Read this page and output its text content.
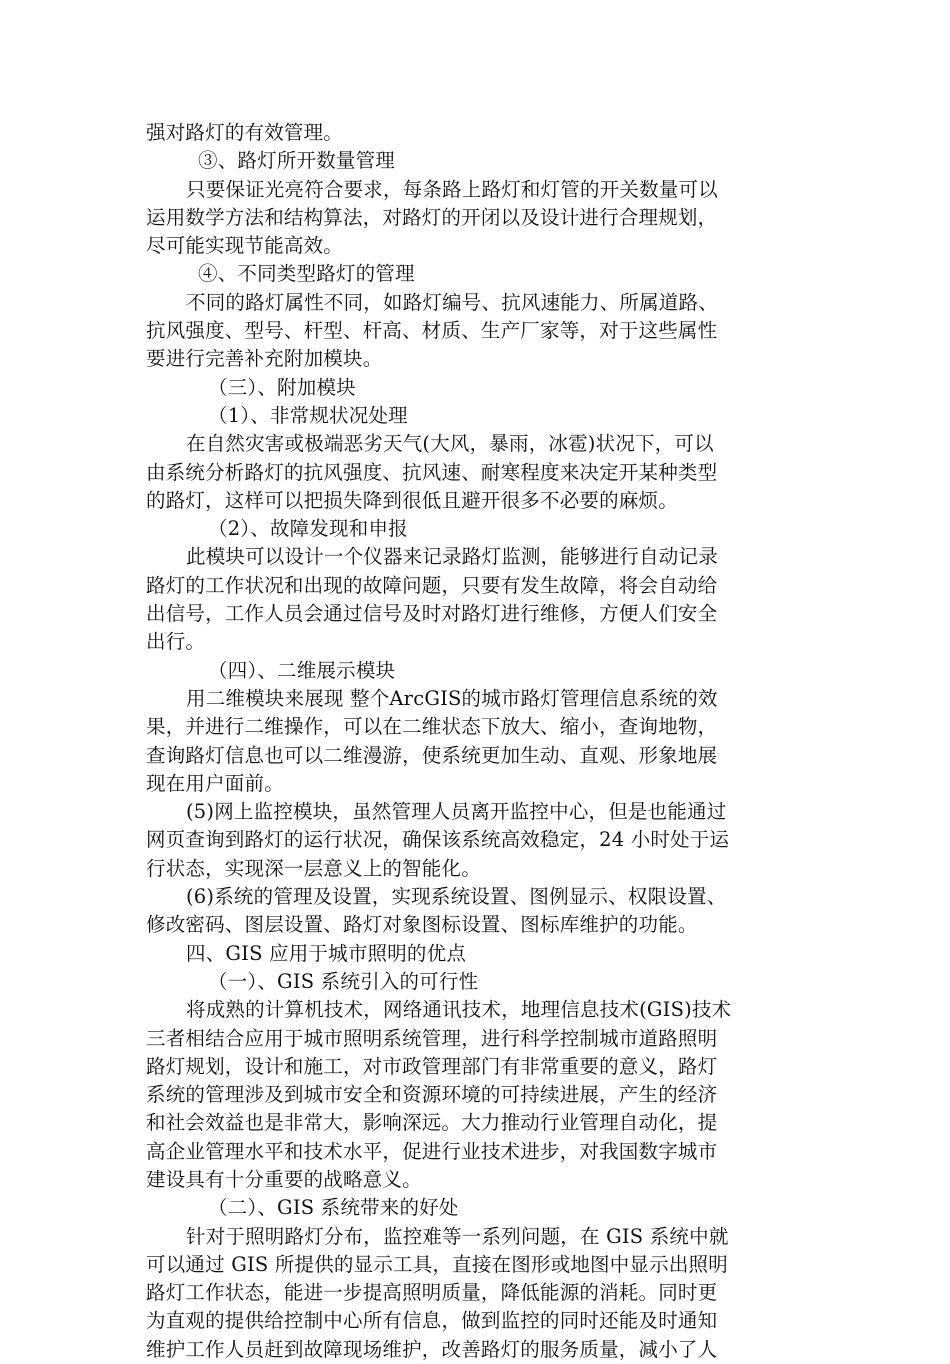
强对路灯的有效管理。
③、路灯所开数量管理
只要保证光亮符合要求，每条路上路灯和灯管的开关数量可以
运用数学方法和结构算法，对路灯的开闭以及设计进行合理规划，
尽可能实现节能高效。
④、不同类型路灯的管理
不同的路灯属性不同，如路灯编号、抗风速能力、所属道路、
抗风强度、型号、杆型、杆高、材质、生产厂家等，对于这些属性
要进行完善补充附加模块。
（三）、附加模块
（1）、非常规状况处理
在自然灾害或极端恶劣天气(大风，暴雨，冰雹)状况下，可以
由系统分析路灯的抗风强度、抗风速、耐寒程度来决定开某种类型
的路灯，这样可以把损失降到很低且避开很多不必要的麻烦。
（2）、故障发现和申报
此模块可以设计一个仪器来记录路灯监测，能够进行自动记录
路灯的工作状况和出现的故障问题，只要有发生故障，将会自动给
出信号，工作人员会通过信号及时对路灯进行维修，方便人们安全
出行。
（四）、二维展示模块
用二维模块来展现 整个ArcGIS的城市路灯管理信息系统的效
果，并进行二维操作，可以在二维状态下放大、缩小，查询地物，
查询路灯信息也可以二维漫游，使系统更加生动、直观、形象地展
现在用户面前。
(5)网上监控模块，虽然管理人员离开监控中心，但是也能通过
网页查询到路灯的运行状况，确保该系统高效稳定，24 小时处于运
行状态，实现深一层意义上的智能化。
(6)系统的管理及设置，实现系统设置、图例显示、权限设置、
修改密码、图层设置、路灯对象图标设置、图标库维护的功能。
四、GIS 应用于城市照明的优点
（一）、GIS 系统引入的可行性
将成熟的计算机技术，网络通讯技术，地理信息技术(GIS)技术
三者相结合应用于城市照明系统管理，进行科学控制城市道路照明
路灯规划，设计和施工，对市政管理部门有非常重要的意义，路灯
系统的管理涉及到城市安全和资源环境的可持续进展，产生的经济
和社会效益也是非常大，影响深远。大力推动行业管理自动化，提
高企业管理水平和技术水平，促进行业技术进步，对我国数字城市
建设具有十分重要的战略意义。
（二）、GIS 系统带来的好处
针对于照明路灯分布，监控难等一系列问题，在 GIS 系统中就
可以通过 GIS 所提供的显示工具，直接在图形或地图中显示出照明
路灯工作状态，能进一步提高照明质量，降低能源的消耗。同时更
为直观的提供给控制中心所有信息，做到监控的同时还能及时通知
维护工作人员赶到故障现场维护，改善路灯的服务质量，减小了人
